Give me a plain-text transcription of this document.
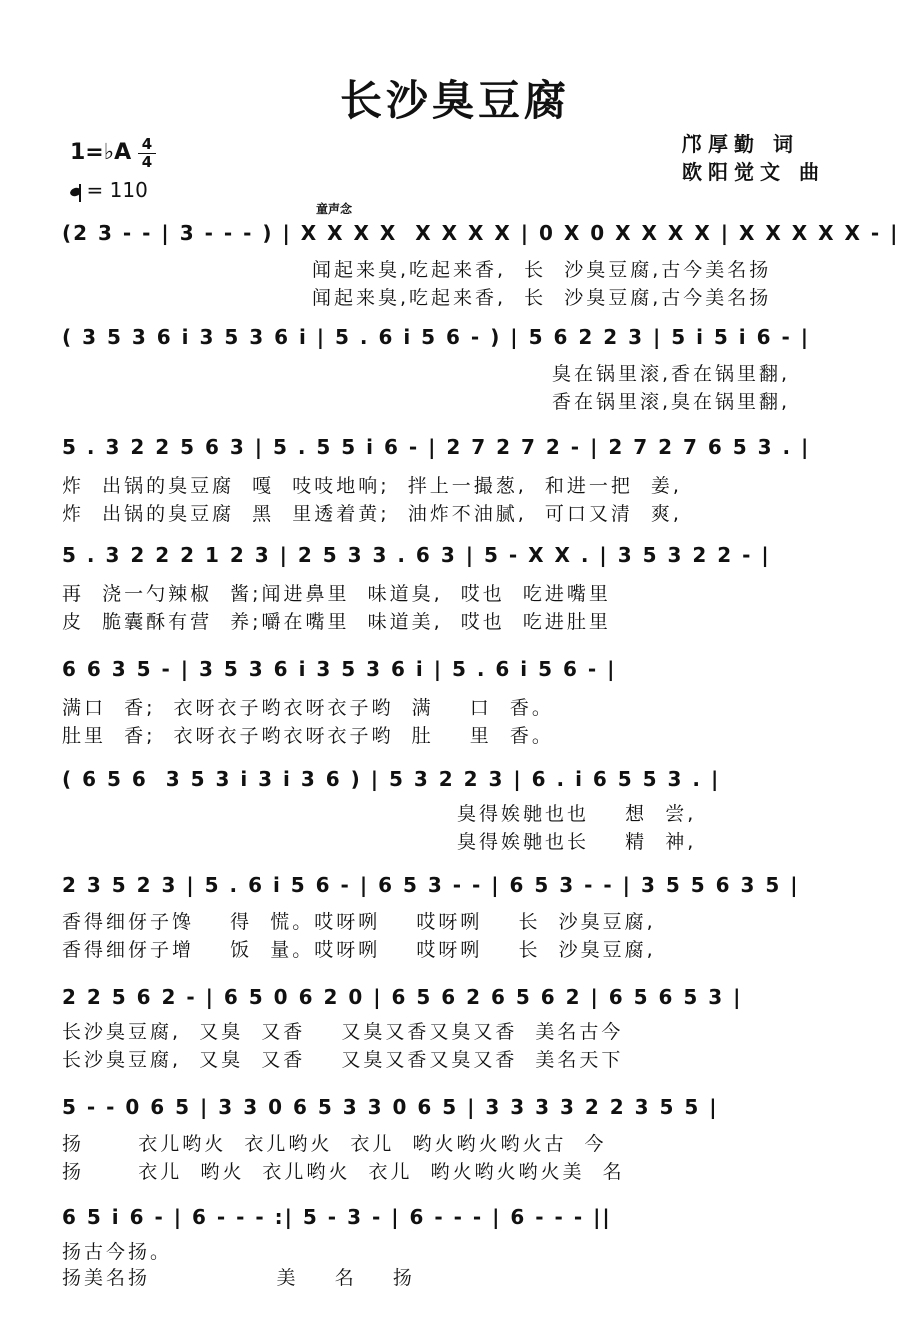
长沙臭豆腐
邝厚勤 词
欧阳觉文 曲
1=♭A 4
4
= 110
童声念
(2 3 - - | 3 - - - ) | X X X X  X X X X | 0 X 0 X X X X | X X X X X - |
闻起来臭,吃起来香,  长  沙臭豆腐,古今美名扬
闻起来臭,吃起来香,  长  沙臭豆腐,古今美名扬
( 3 5 3 6 i 3 5 3 6 i | 5 . 6 i 5 6 - ) | 5 6 2 2 3 | 5 i 5 i 6 - |
臭在锅里滚,香在锅里翻,
香在锅里滚,臭在锅里翻,
5 . 3 2 2 5 6 3 | 5 . 5 5 i 6 - | 2 7 2 7 2 - | 2 7 2 7 6 5 3 . |
炸  出锅的臭豆腐  嘎  吱吱地响;  拌上一撮葱,  和进一把  姜,
炸  出锅的臭豆腐  黑  里透着黄;  油炸不油腻,  可口又清  爽,
5 . 3 2 2 2 1 2 3 | 2 5 3 3 . 6 3 | 5 - X X . | 3 5 3 2 2 - |
再  浇一勺辣椒  酱;闻进鼻里  味道臭,  哎也  吃进嘴里
皮  脆囊酥有营  养;嚼在嘴里  味道美,  哎也  吃进肚里
6 6 3 5 - | 3 5 3 6 i 3 5 3 6 i | 5 . 6 i 5 6 - |
满口  香;  衣呀衣子哟衣呀衣子哟  满    口  香。
肚里  香;  衣呀衣子哟衣呀衣子哟  肚    里  香。
( 6 5 6  3 5 3 i 3 i 3 6 ) | 5 3 2 2 3 | 6 . i 6 5 5 3 . |
臭得娭毑也也    想  尝,
臭得娭毑也长    精  神,
2 3 5 2 3 | 5 . 6 i 5 6 - | 6 5 3 - - | 6 5 3 - - | 3 5 5 6 3 5 |
香得细伢子馋    得  慌。哎呀咧    哎呀咧    长  沙臭豆腐,
香得细伢子增    饭  量。哎呀咧    哎呀咧    长  沙臭豆腐,
2 2 5 6 2 - | 6 5 0 6 2 0 | 6 5 6 2 6 5 6 2 | 6 5 6 5 3 |
长沙臭豆腐,  又臭  又香    又臭又香又臭又香  美名古今
长沙臭豆腐,  又臭  又香    又臭又香又臭又香  美名天下
5 - - 0 6 5 | 3 3 0 6 5 3 3 0 6 5 | 3 3 3 3 2 2 3 5 5 |
扬      衣儿哟火  衣儿哟火  衣儿  哟火哟火哟火古  今
扬      衣儿  哟火  衣儿哟火  衣儿  哟火哟火哟火美  名
6 5 i 6 - | 6 - - - :| 5 - 3 - | 6 - - - | 6 - - - ||
扬古今扬。
扬美名扬              美    名    扬
